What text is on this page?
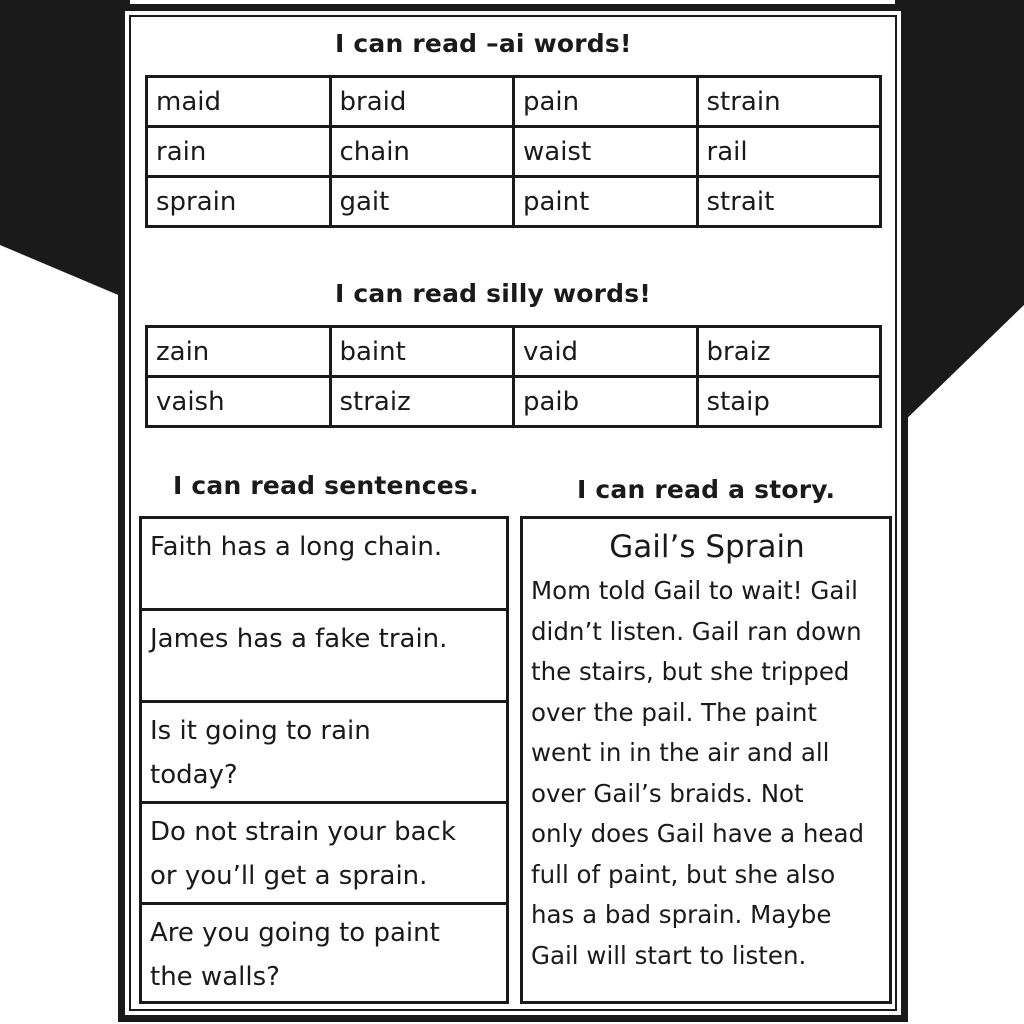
I can read –ai words!
maid	braid	pain	strain
rain	chain	waist	rail
sprain	gait	paint	strait
I can read silly words!
zain	baint	vaid	braiz
vaish	straiz	paib	staip
I can read sentences.	I can read a story.
Faith has a long chain.
James has a fake train.
Is it going to rain
today?
Do not strain your back
or you’ll get a sprain.
Are you going to paint
the walls?
Gail’s Sprain
Mom told Gail to wait! Gail
didn’t listen. Gail ran down
the stairs, but she tripped
over the pail. The paint
went in in the air and all
over Gail’s braids. Not
only does Gail have a head
full of paint, but she also
has a bad sprain. Maybe
Gail will start to listen.
